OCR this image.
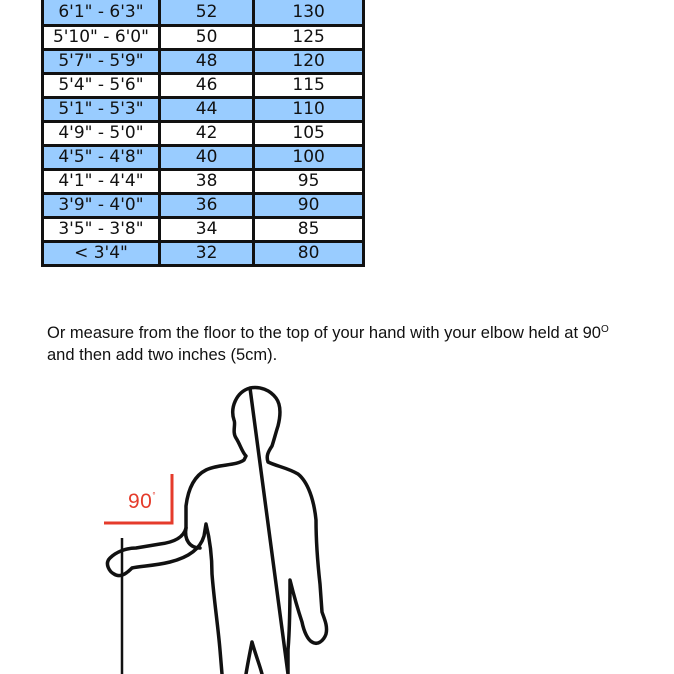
6'1" - 6'3"	52	130
5'10" - 6'0"	50	125
5'7" - 5'9"	48	120
5'4" - 5'6"	46	115
5'1" - 5'3"	44	110
4'9" - 5'0"	42	105
4'5" - 4'8"	40	100
4'1" - 4'4"	38	95
3'9" - 4'0"	36	90
3'5" - 3'8"	34	85
< 3'4"	32	80
Or measure from the floor to the top of your hand with your elbow held at $90^O$
and then add two inches (5cm).
90°
